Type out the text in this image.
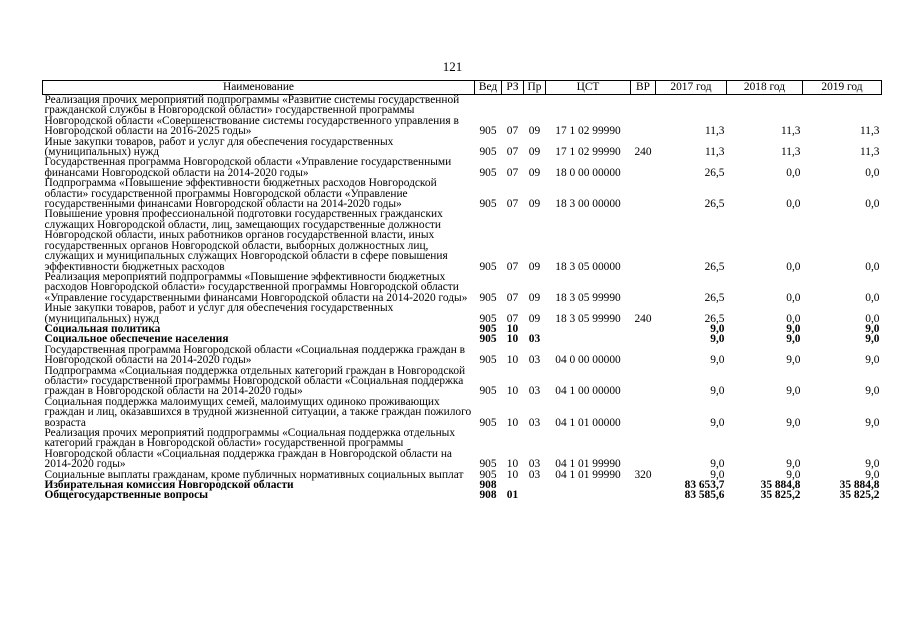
121
Наименование	Вед	РЗ	Пр	ЦСТ	ВР	2017 год	2018 год	2019 год
Реализация прочих мероприятий подпрограммы «Развитие системы государственной гражданской службы в Новгородской области» государственной программы Новгородской области «Совершенствование системы государственного управления в Новгородской области на 2016-2025 годы»	905	07	09	17 1 02 99990		11,3	11,3	11,3
Иные закупки товаров, работ и услуг для обеспечения государственных (муниципальных) нужд	905	07	09	17 1 02 99990	240	11,3	11,3	11,3
Государственная программа Новгородской области «Управление государственными финансами Новгородской области на 2014-2020 годы»	905	07	09	18 0 00 00000		26,5	0,0	0,0
Подпрограмма «Повышение эффективности бюджетных расходов Новгородской области» государственной программы Новгородской области «Управление государственными финансами Новгородской области на 2014-2020 годы»	905	07	09	18 3 00 00000		26,5	0,0	0,0
Повышение уровня профессиональной подготовки государственных гражданских служащих Новгородской области, лиц, замещающих государственные должности Новгородской области, иных работников органов государственной власти, иных государственных органов Новгородской области, выборных должностных лиц, служащих и муниципальных служащих Новгородской области в сфере повышения эффективности бюджетных расходов	905	07	09	18 3 05 00000		26,5	0,0	0,0
Реализация мероприятий подпрограммы «Повышение эффективности бюджетных расходов Новгородской области» государственной программы Новгородской области «Управление государственными финансами Новгородской области на 2014-2020 годы»	905	07	09	18 3 05 99990		26,5	0,0	0,0
Иные закупки товаров, работ и услуг для обеспечения государственных (муниципальных) нужд	905	07	09	18 3 05 99990	240	26,5	0,0	0,0
Социальная политика	905	10				9,0	9,0	9,0
Социальное обеспечение населения	905	10	03			9,0	9,0	9,0
Государственная программа Новгородской области «Социальная поддержка граждан в Новгородской области на 2014-2020 годы»	905	10	03	04 0 00 00000		9,0	9,0	9,0
Подпрограмма «Социальная поддержка отдельных категорий граждан в Новгородской области» государственной программы Новгородской области «Социальная поддержка граждан в Новгородской области на 2014-2020 годы»	905	10	03	04 1 00 00000		9,0	9,0	9,0
Социальная поддержка малоимущих семей, малоимущих одиноко проживающих граждан и лиц, оказавшихся в трудной жизненной ситуации, а также граждан пожилого возраста	905	10	03	04 1 01 00000		9,0	9,0	9,0
Реализация прочих мероприятий подпрограммы «Социальная поддержка отдельных категорий граждан в Новгородской области» государственной программы Новгородской области «Социальная поддержка граждан в Новгородской области на 2014-2020 годы»	905	10	03	04 1 01 99990		9,0	9,0	9,0
Социальные выплаты гражданам, кроме публичных нормативных социальных выплат	905	10	03	04 1 01 99990	320	9,0	9,0	9,0
Избирательная комиссия Новгородской области	908					83 653,7	35 884,8	35 884,8
Общегосударственные вопросы	908	01				83 585,6	35 825,2	35 825,2
